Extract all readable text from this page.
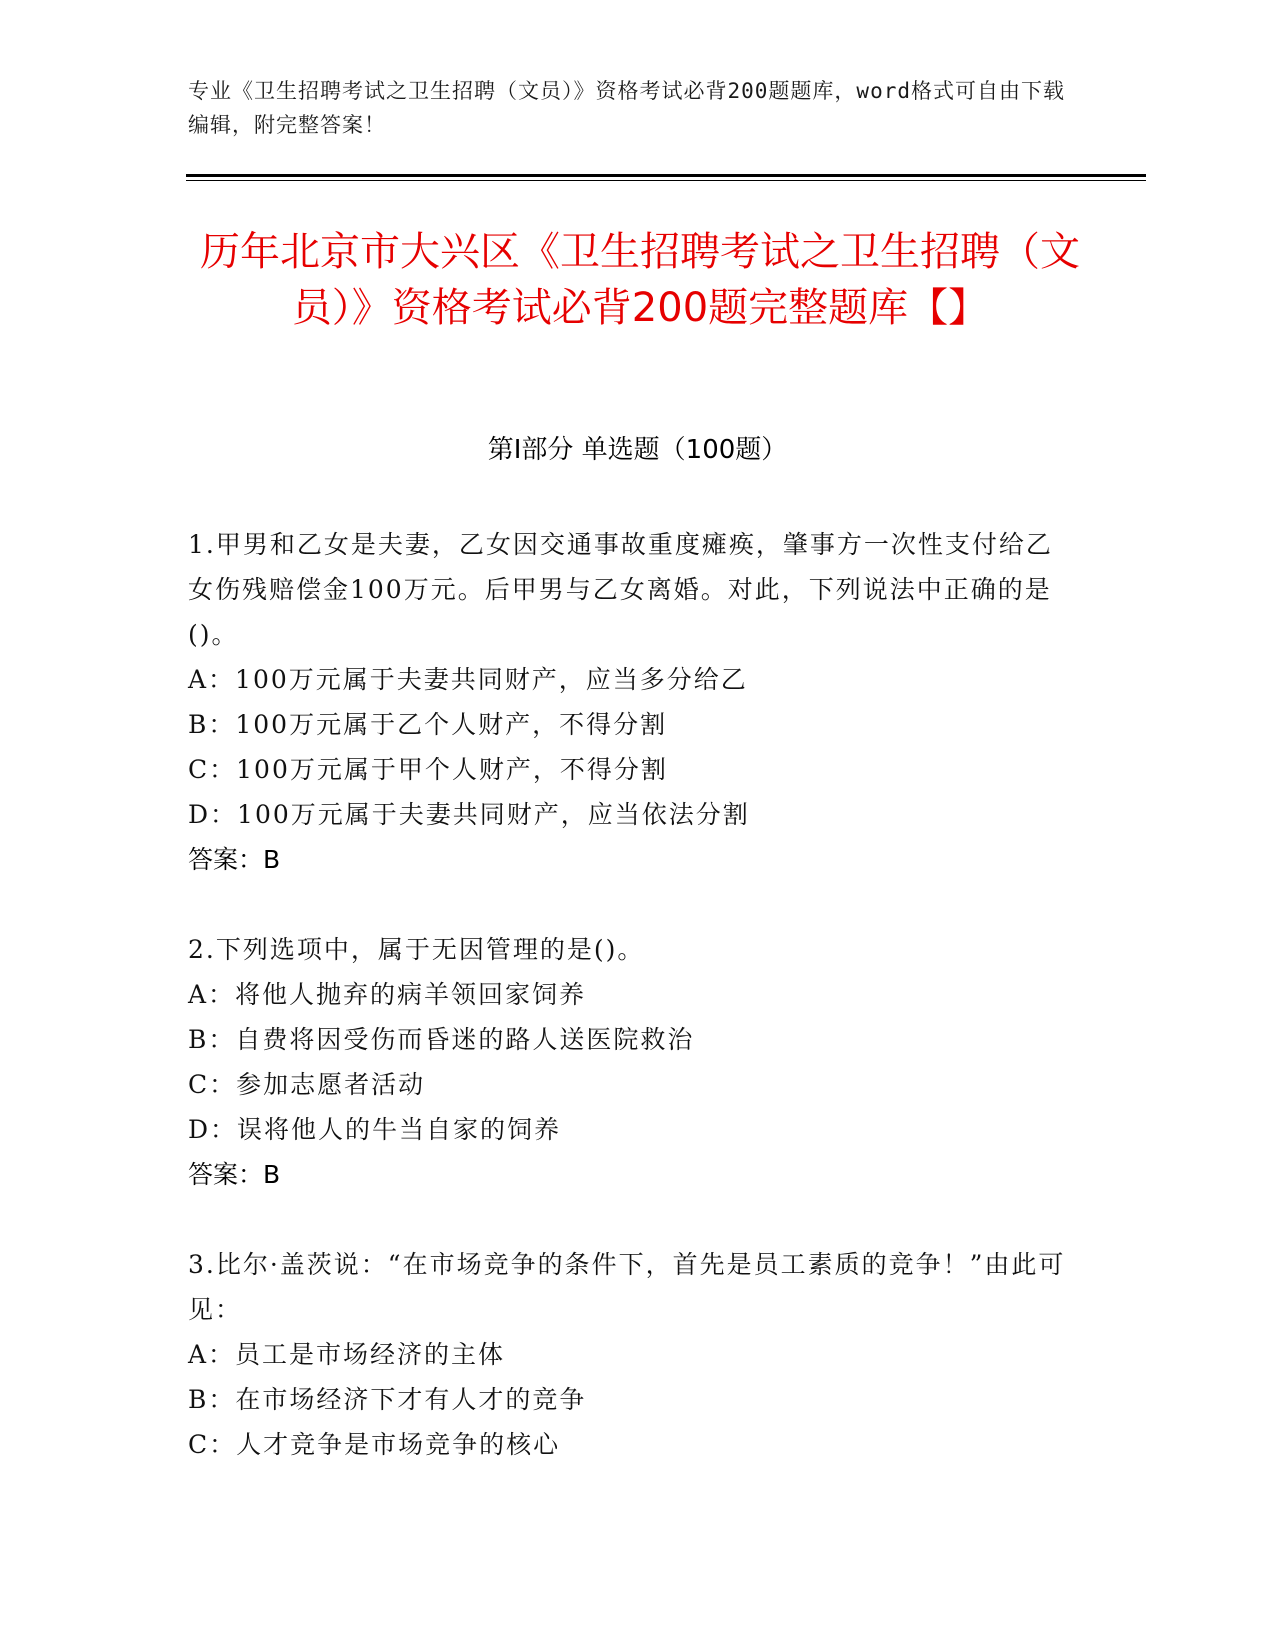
专业《卫生招聘考试之卫生招聘（文员）》资格考试必背200题题库，word格式可自由下载编辑，附完整答案！
历年北京市大兴区《卫生招聘考试之卫生招聘（文员）》资格考试必背200题完整题库【】
第I部分 单选题（100题）

1.甲男和乙女是夫妻，乙女因交通事故重度瘫痪，肇事方一次性支付给乙女伤残赔偿金100万元。后甲男与乙女离婚。对此，下列说法中正确的是()。

A：100万元属于夫妻共同财产，应当多分给乙

B：100万元属于乙个人财产，不得分割

C：100万元属于甲个人财产，不得分割

D：100万元属于夫妻共同财产，应当依法分割

答案：B

2.下列选项中，属于无因管理的是()。

A：将他人抛弃的病羊领回家饲养

B：自费将因受伤而昏迷的路人送医院救治

C：参加志愿者活动

D：误将他人的牛当自家的饲养

答案：B

3.比尔·盖茨说：“在市场竞争的条件下，首先是员工素质的竞争！”由此可见：

A：员工是市场经济的主体

B：在市场经济下才有人才的竞争

C：人才竞争是市场竞争的核心
